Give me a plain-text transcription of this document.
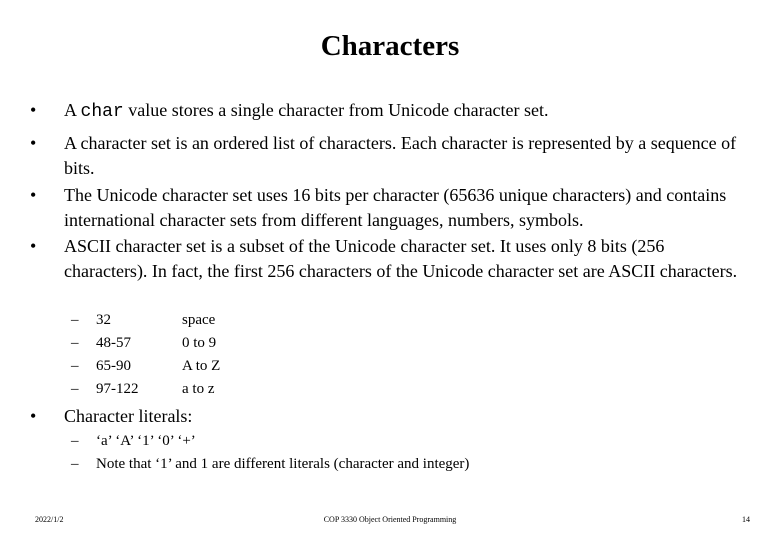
Characters
• A char value stores a single character from Unicode character set.
• A character set is an ordered list of characters. Each character is represented by a sequence of bits.
• The Unicode character set uses 16 bits per character (65636 unique characters) and contains international character sets from different languages, numbers, symbols.
• ASCII character set is a subset of the Unicode character set. It uses only 8 bits (256 characters). In fact, the first 256 characters of the Unicode character set are ASCII characters.
– 32	space
– 48-57	0 to 9
– 65-90	A to Z
– 97-122	a to z
• Character literals:
– ‘a’ ‘A’ ‘1’ ‘0’ ‘+’
– Note that ‘1’ and 1 are different literals (character and integer)
2022/1/2	COP 3330 Object Oriented Programming	14
